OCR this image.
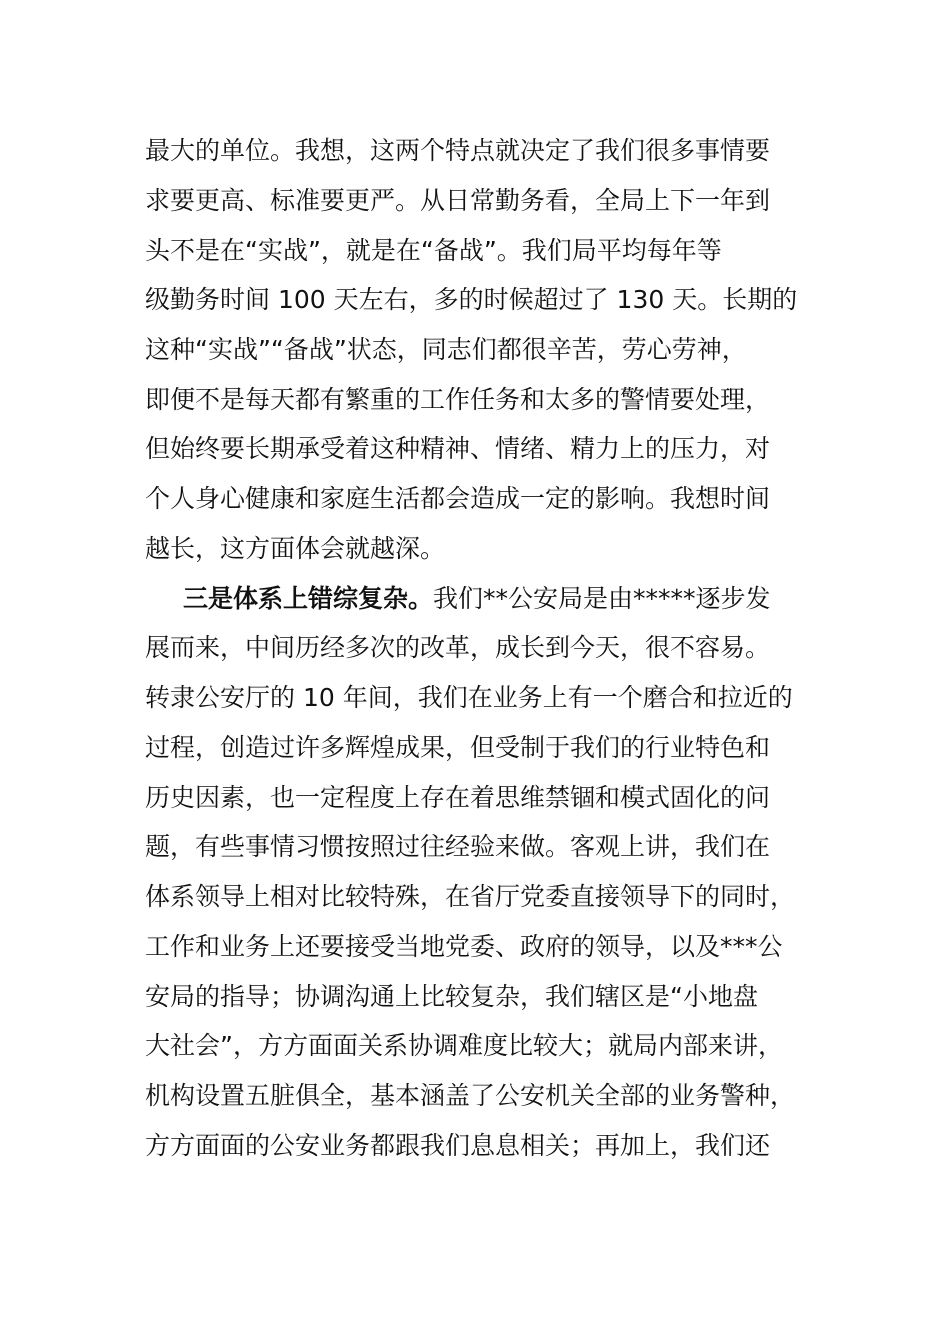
最大的单位。我想，这两个特点就决定了我们很多事情要
求要更高、标准要更严。从日常勤务看，全局上下一年到
头不是在“实战”，就是在“备战”。我们局平均每年等
级勤务时间 100 天左右，多的时候超过了 130 天。长期的
这种“实战”“备战”状态，同志们都很辛苦，劳心劳神，
即便不是每天都有繁重的工作任务和太多的警情要处理，
但始终要长期承受着这种精神、情绪、精力上的压力，对
个人身心健康和家庭生活都会造成一定的影响。我想时间
越长，这方面体会就越深。
三是体系上错综复杂。我们**公安局是由*****逐步发
展而来，中间历经多次的改革，成长到今天，很不容易。
转隶公安厅的 10 年间，我们在业务上有一个磨合和拉近的
过程，创造过许多辉煌成果，但受制于我们的行业特色和
历史因素，也一定程度上存在着思维禁锢和模式固化的问
题，有些事情习惯按照过往经验来做。客观上讲，我们在
体系领导上相对比较特殊，在省厅党委直接领导下的同时，
工作和业务上还要接受当地党委、政府的领导，以及***公
安局的指导；协调沟通上比较复杂，我们辖区是“小地盘
大社会”，方方面面关系协调难度比较大；就局内部来讲，
机构设置五脏俱全，基本涵盖了公安机关全部的业务警种，
方方面面的公安业务都跟我们息息相关；再加上，我们还
